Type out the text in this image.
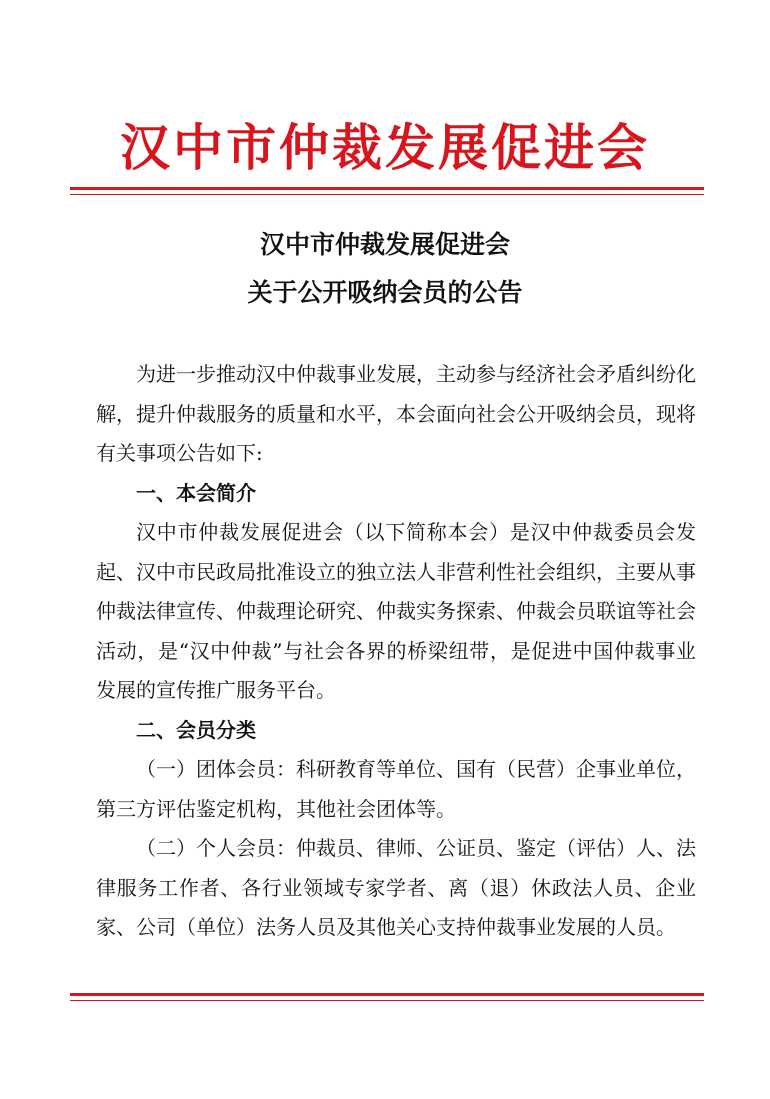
汉中市仲裁发展促进会
汉中市仲裁发展促进会
关于公开吸纳会员的公告

为进一步推动汉中仲裁事业发展，主动参与经济社会矛盾纠纷化解，提升仲裁服务的质量和水平，本会面向社会公开吸纳会员，现将有关事项公告如下:

一、本会简介

汉中市仲裁发展促进会（以下简称本会）是汉中仲裁委员会发起、汉中市民政局批准设立的独立法人非营利性社会组织，主要从事仲裁法律宣传、仲裁理论研究、仲裁实务探索、仲裁会员联谊等社会活动，是“汉中仲裁”与社会各界的桥梁纽带，是促进中国仲裁事业发展的宣传推广服务平台。

二、会员分类

（一）团体会员：科研教育等单位、国有（民营）企事业单位，第三方评估鉴定机构，其他社会团体等。

（二）个人会员：仲裁员、律师、公证员、鉴定（评估）人、法律服务工作者、各行业领域专家学者、离（退）休政法人员、企业家、公司（单位）法务人员及其他关心支持仲裁事业发展的人员。
